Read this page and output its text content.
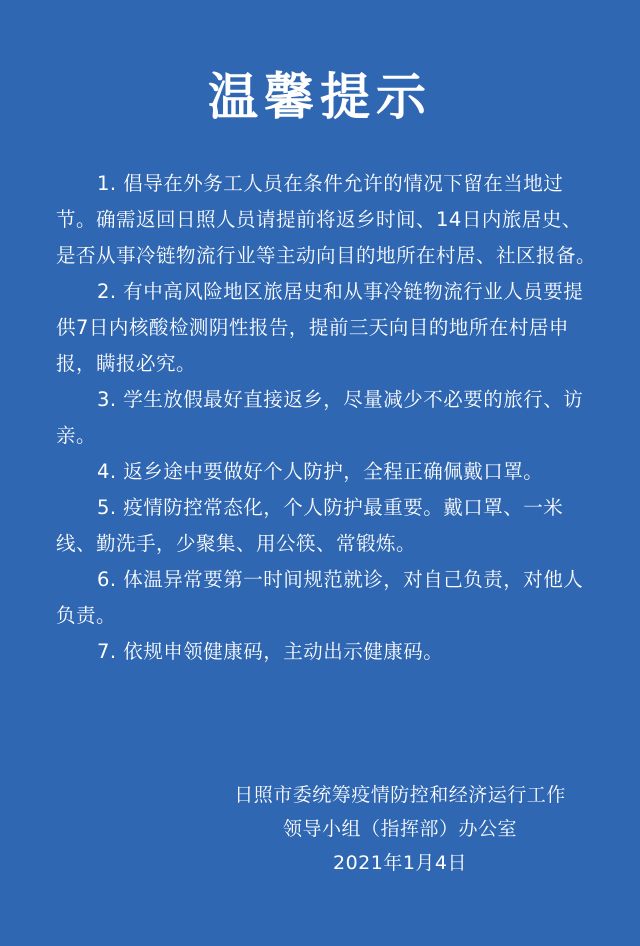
温馨提示
1. 倡导在外务工人员在条件允许的情况下留在当地过节。确需返回日照人员请提前将返乡时间、14日内旅居史、是否从事冷链物流行业等主动向目的地所在村居、社区报备。
2. 有中高风险地区旅居史和从事冷链物流行业人员要提供7日内核酸检测阴性报告，提前三天向目的地所在村居申报，瞒报必究。
3. 学生放假最好直接返乡，尽量减少不必要的旅行、访亲。
4. 返乡途中要做好个人防护，全程正确佩戴口罩。
5. 疫情防控常态化，个人防护最重要。戴口罩、一米线、勤洗手，少聚集、用公筷、常锻炼。
6. 体温异常要第一时间规范就诊，对自己负责，对他人负责。
7. 依规申领健康码，主动出示健康码。
日照市委统筹疫情防控和经济运行工作
领导小组（指挥部）办公室
2021年1月4日
